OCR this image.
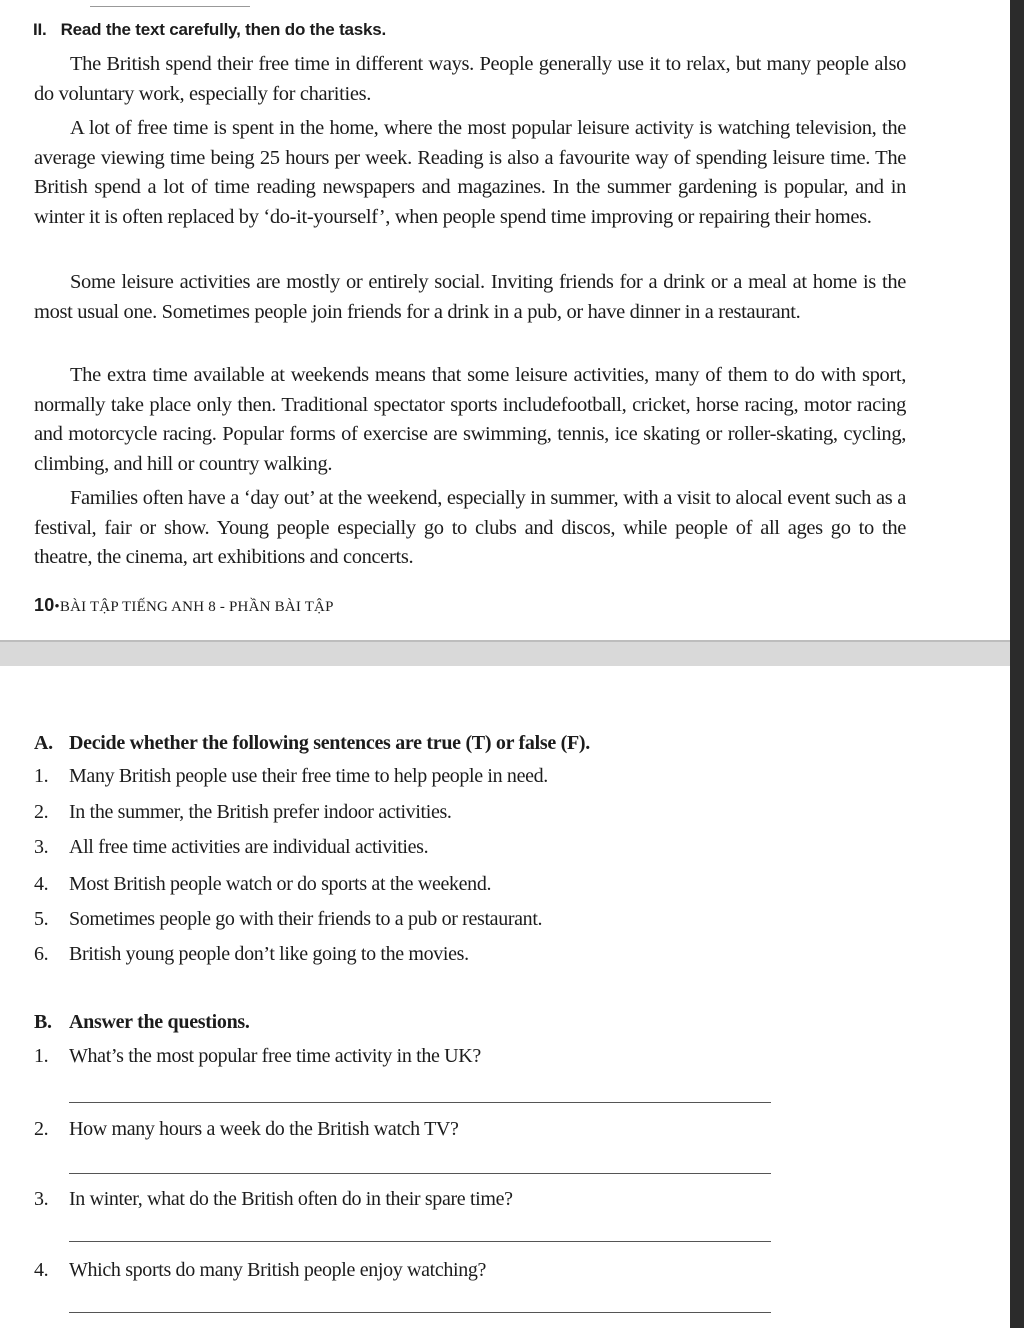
II. Read the text carefully, then do the tasks.

The British spend their free time in different ways. People generally use it to relax, but many people also do voluntary work, especially for charities.

A lot of free time is spent in the home, where the most popular leisure activity is watching television, the average viewing time being 25 hours per week. Reading is also a favourite way of spending leisure time. The British spend a lot of time reading newspapers and magazines. In the summer gardening is popular, and in winter it is often replaced by ‘do-it-yourself’, when people spend time improving or repairing their homes.

Some leisure activities are mostly or entirely social. Inviting friends for a drink or a meal at home is the most usual one. Sometimes people join friends for a drink in a pub, or have dinner in a restaurant.

The extra time available at weekends means that some leisure activities, many of them to do with sport, normally take place only then. Traditional spectator sports includefootball, cricket, horse racing, motor racing and motorcycle racing. Popular forms of exercise are swimming, tennis, ice skating or roller-skating, cycling, climbing, and hill or country walking.

Families often have a ‘day out’ at the weekend, especially in summer, with a visit to alocal event such as a festival, fair or show. Young people especially go to clubs and discos, while people of all ages go to the theatre, the cinema, art exhibitions and concerts.

10•BÀI TẬP TIẾNG ANH 8 - PHẦN BÀI TẬP
A. Decide whether the following sentences are true (T) or false (F).
1. Many British people use their free time to help people in need.
2. In the summer, the British prefer indoor activities.
3. All free time activities are individual activities.
4. Most British people watch or do sports at the weekend.
5. Sometimes people go with their friends to a pub or restaurant.
6. British young people don’t like going to the movies.
B. Answer the questions.
1. What’s the most popular free time activity in the UK?
2. How many hours a week do the British watch TV?
3. In winter, what do the British often do in their spare time?
4. Which sports do many British people enjoy watching?
